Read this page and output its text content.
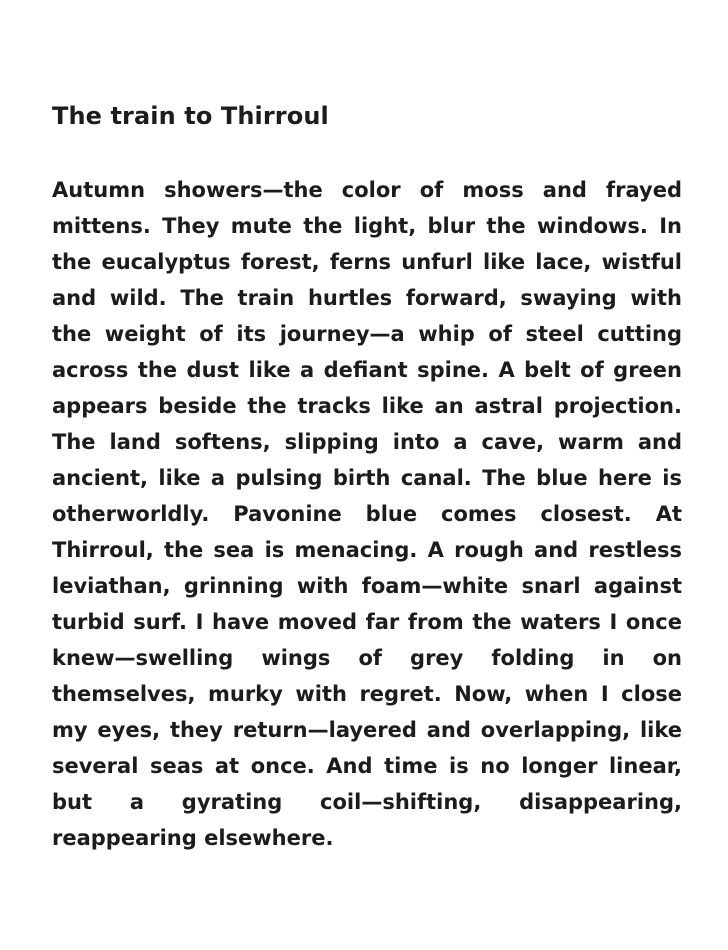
The train to Thirroul

Autumn showers—the color of moss and frayed mittens. They mute the light, blur the windows. In the eucalyptus forest, ferns unfurl like lace, wistful and wild. The train hurtles forward, swaying with the weight of its journey—a whip of steel cutting across the dust like a defiant spine. A belt of green appears beside the tracks like an astral projection. The land softens, slipping into a cave, warm and ancient, like a pulsing birth canal. The blue here is otherworldly. Pavonine blue comes closest. At Thirroul, the sea is menacing. A rough and restless leviathan, grinning with foam—white snarl against turbid surf. I have moved far from the waters I once knew—swelling wings of grey folding in on themselves, murky with regret. Now, when I close my eyes, they return—layered and overlapping, like several seas at once. And time is no longer linear, but a gyrating coil—shifting, disappearing, reappearing elsewhere.
